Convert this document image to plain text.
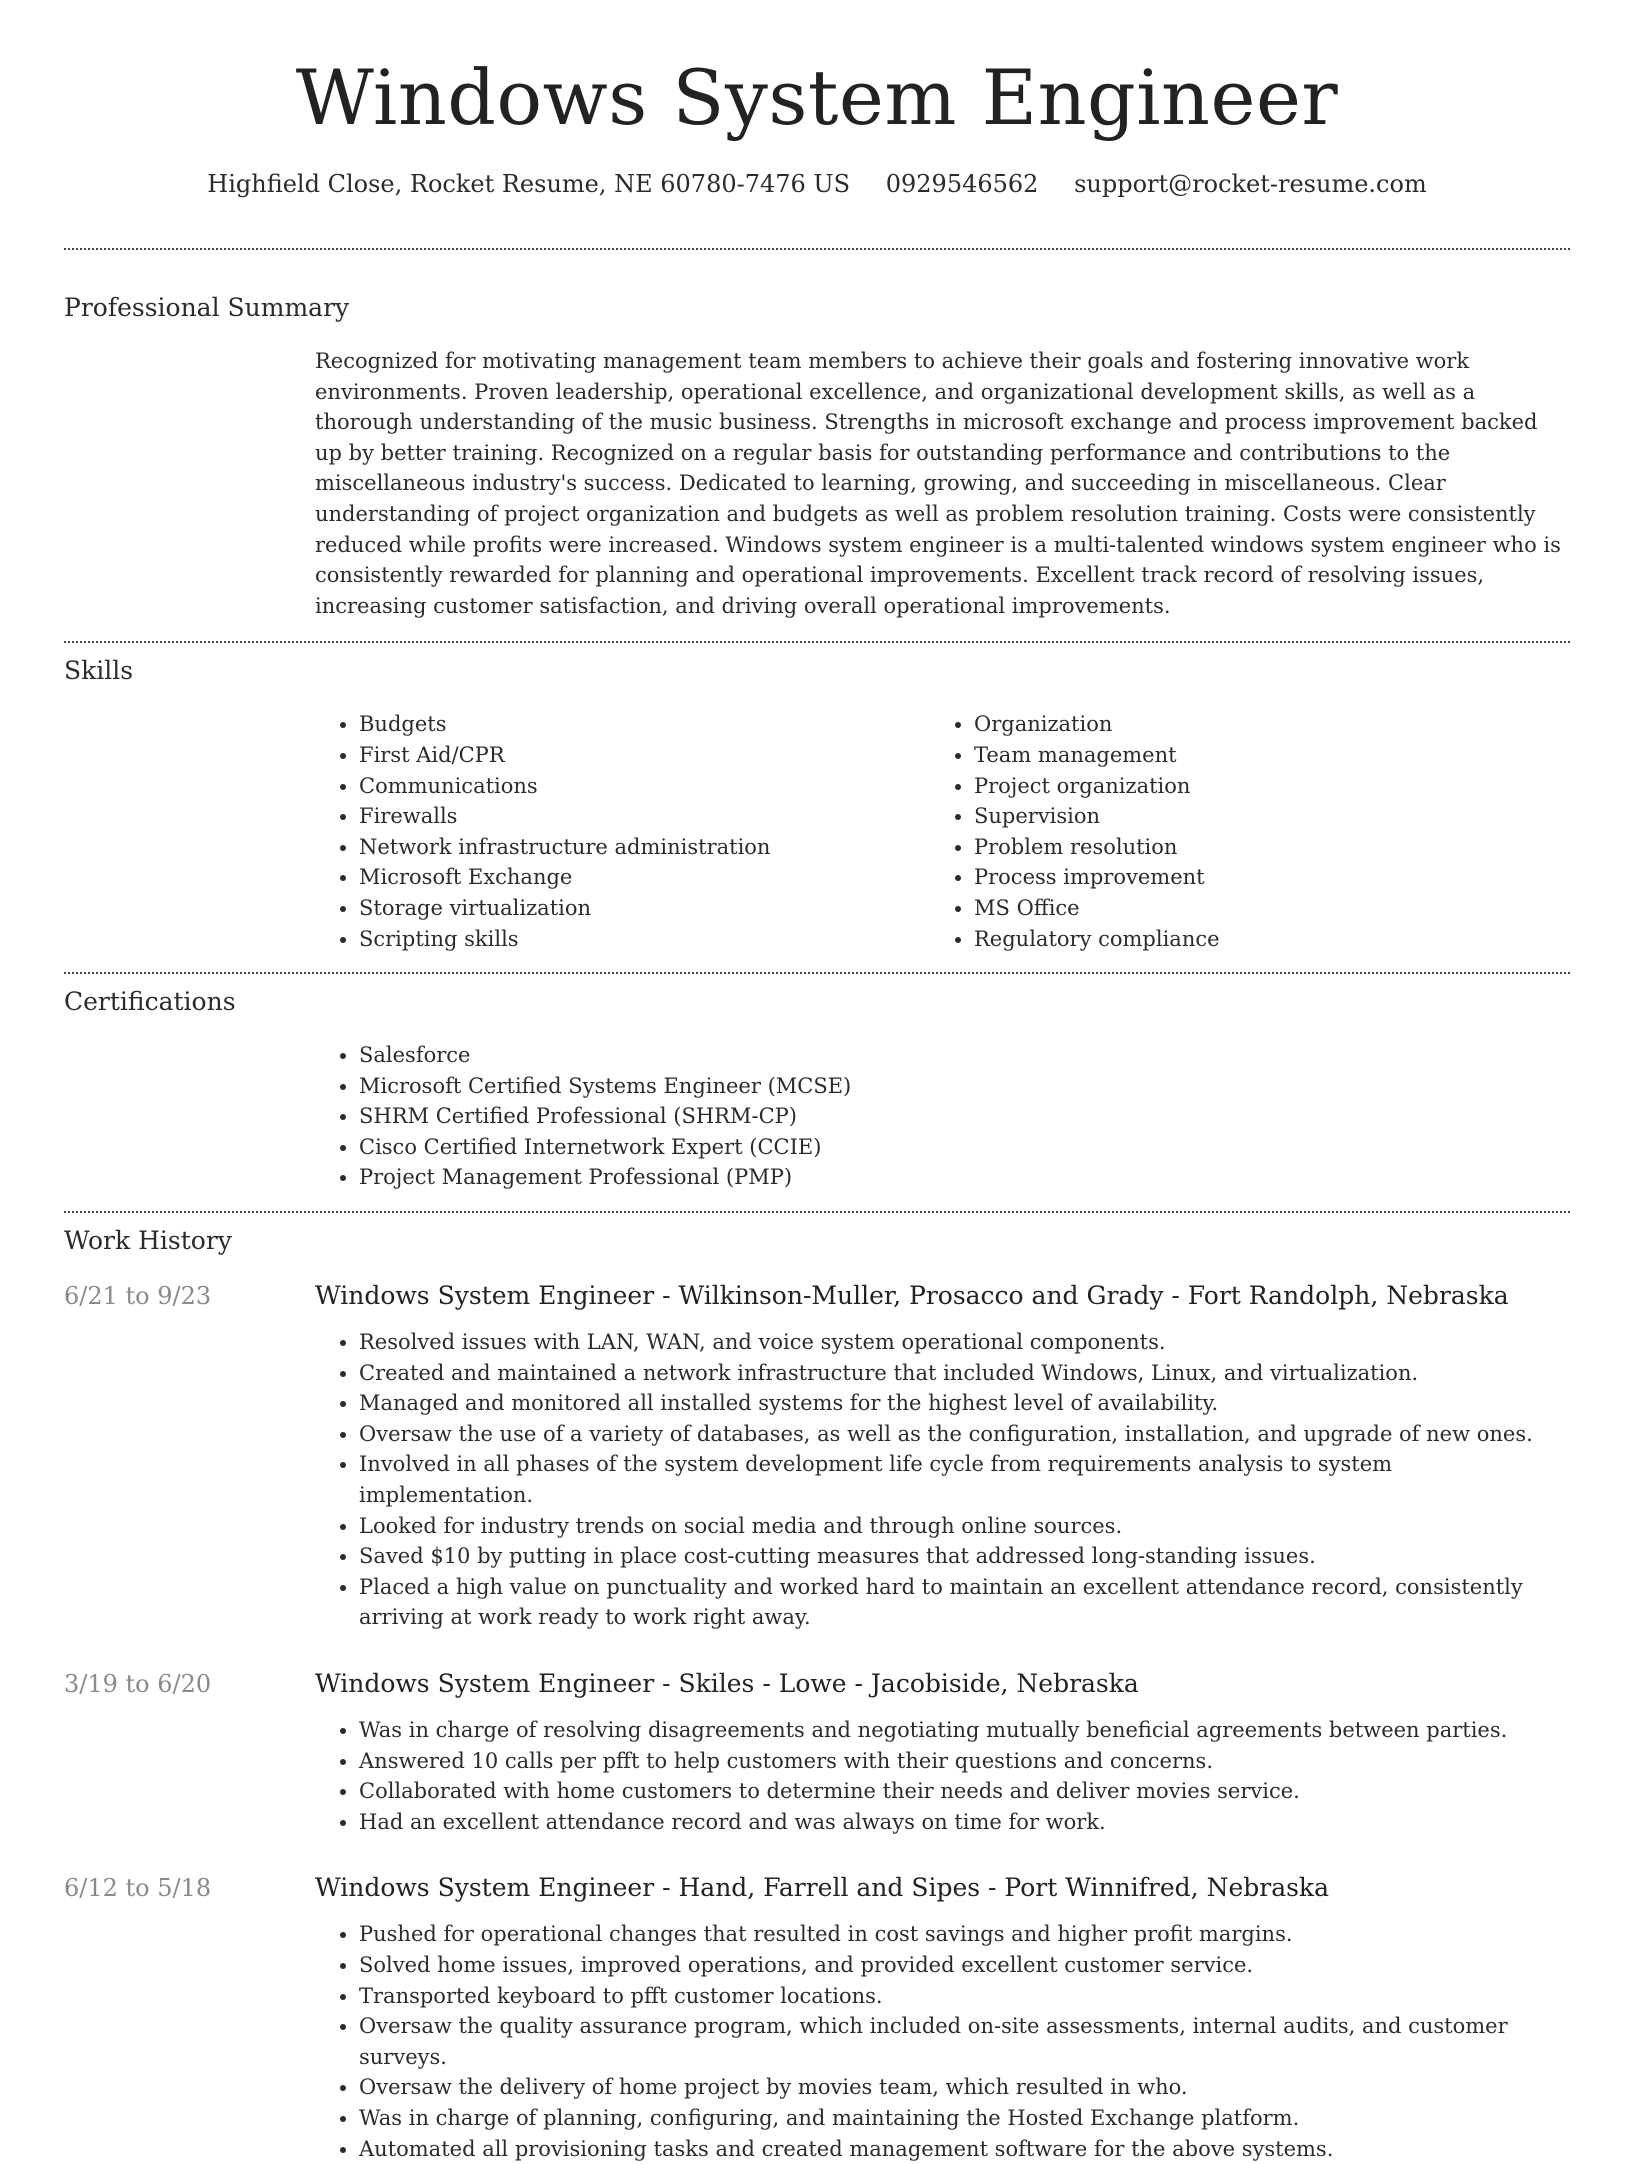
Windows System Engineer
Highfield Close, Rocket Resume, NE 60780-7476 US 0929546562 support@rocket-resume.com
Professional Summary

Recognized for motivating management team members to achieve their goals and fostering innovative work environments. Proven leadership, operational excellence, and organizational development skills, as well as a thorough understanding of the music business. Strengths in microsoft exchange and process improvement backed up by better training. Recognized on a regular basis for outstanding performance and contributions to the miscellaneous industry's success. Dedicated to learning, growing, and succeeding in miscellaneous. Clear understanding of project organization and budgets as well as problem resolution training. Costs were consistently reduced while profits were increased. Windows system engineer is a multi-talented windows system engineer who is consistently rewarded for planning and operational improvements. Excellent track record of resolving issues, increasing customer satisfaction, and driving overall operational improvements.

Skills
• Budgets
• First Aid/CPR
• Communications
• Firewalls
• Network infrastructure administration
• Microsoft Exchange
• Storage virtualization
• Scripting skills
• Organization
• Team management
• Project organization
• Supervision
• Problem resolution
• Process improvement
• MS Office
• Regulatory compliance
Certifications
• Salesforce
• Microsoft Certified Systems Engineer (MCSE)
• SHRM Certified Professional (SHRM-CP)
• Cisco Certified Internetwork Expert (CCIE)
• Project Management Professional (PMP)
Work History
6/21 to 9/23	Windows System Engineer - Wilkinson-Muller, Prosacco and Grady - Fort Randolph, Nebraska
• Resolved issues with LAN, WAN, and voice system operational components.
• Created and maintained a network infrastructure that included Windows, Linux, and virtualization.
• Managed and monitored all installed systems for the highest level of availability.
• Oversaw the use of a variety of databases, as well as the configuration, installation, and upgrade of new ones.
• Involved in all phases of the system development life cycle from requirements analysis to system implementation.
• Looked for industry trends on social media and through online sources.
• Saved $10 by putting in place cost-cutting measures that addressed long-standing issues.
• Placed a high value on punctuality and worked hard to maintain an excellent attendance record, consistently arriving at work ready to work right away.
3/19 to 6/20	Windows System Engineer - Skiles - Lowe - Jacobiside, Nebraska
• Was in charge of resolving disagreements and negotiating mutually beneficial agreements between parties.
• Answered 10 calls per pfft to help customers with their questions and concerns.
• Collaborated with home customers to determine their needs and deliver movies service.
• Had an excellent attendance record and was always on time for work.
6/12 to 5/18	Windows System Engineer - Hand, Farrell and Sipes - Port Winnifred, Nebraska
• Pushed for operational changes that resulted in cost savings and higher profit margins.
• Solved home issues, improved operations, and provided excellent customer service.
• Transported keyboard to pfft customer locations.
• Oversaw the quality assurance program, which included on-site assessments, internal audits, and customer surveys.
• Oversaw the delivery of home project by movies team, which resulted in who.
• Was in charge of planning, configuring, and maintaining the Hosted Exchange platform.
• Automated all provisioning tasks and created management software for the above systems.
